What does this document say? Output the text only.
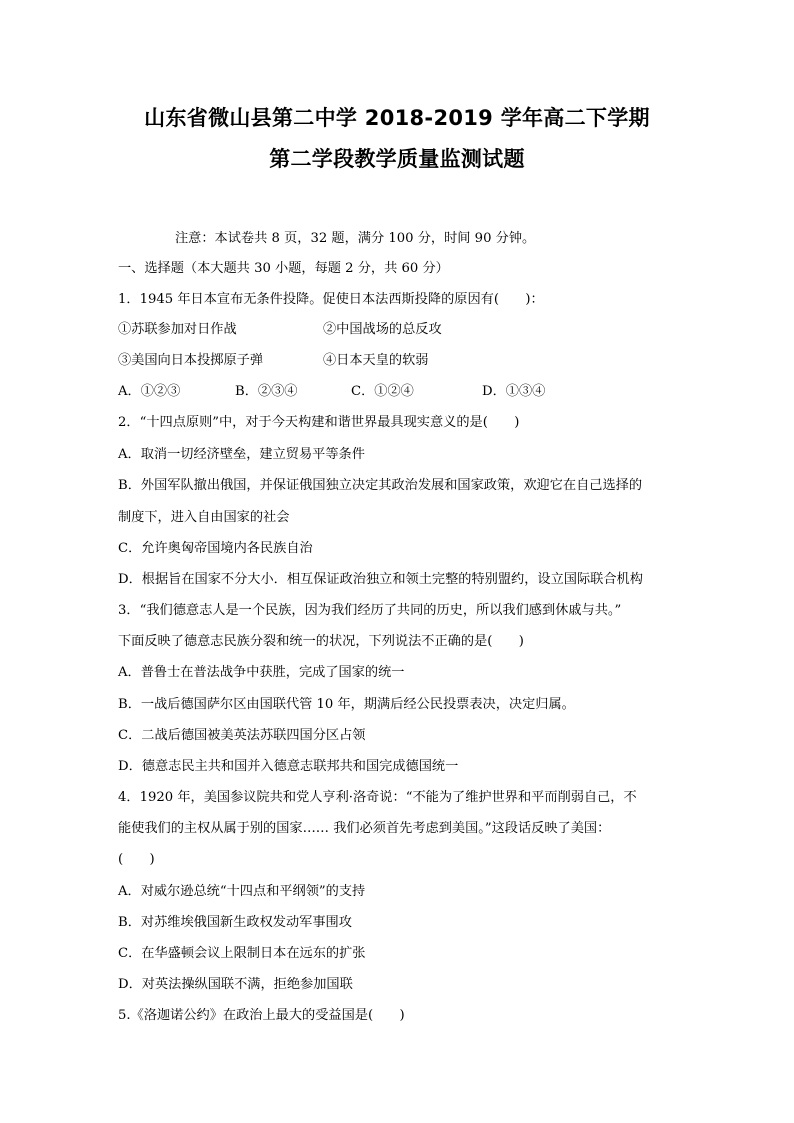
山东省微山县第二中学 2018-2019 学年高二下学期
第二学段教学质量监测试题
注意：本试卷共 8 页，32 题，满分 100 分，时间 90 分钟。
一、选择题（本大题共 30 小题，每题 2 分，共 60 分）
1．1945 年日本宣布无条件投降。促使日本法西斯投降的原因有(　　)：
①苏联参加对日作战	②中国战场的总反攻
③美国向日本投掷原子弹	④日本天皇的软弱
A．①②③	B．②③④	C．①②④	D．①③④
2．“十四点原则”中，对于今天构建和谐世界最具现实意义的是(　　)
A．取消一切经济壁垒，建立贸易平等条件
B．外国军队撤出俄国，并保证俄国独立决定其政治发展和国家政策，欢迎它在自己选择的
制度下，进入自由国家的社会
C．允许奥匈帝国境内各民族自治
D．根据旨在国家不分大小．相互保证政治独立和领土完整的特别盟约，设立国际联合机构
3．“我们德意志人是一个民族，因为我们经历了共同的历史，所以我们感到休戚与共。”
下面反映了德意志民族分裂和统一的状况，下列说法不正确的是(　　)
A．普鲁士在普法战争中获胜，完成了国家的统一
B．一战后德国萨尔区由国联代管 10 年，期满后经公民投票表决，决定归属。
C．二战后德国被美英法苏联四国分区占领
D．德意志民主共和国并入德意志联邦共和国完成德国统一
4．1920 年，美国参议院共和党人亨利·洛奇说：“不能为了维护世界和平而削弱自己，不
能使我们的主权从属于别的国家…… 我们必须首先考虑到美国。”这段话反映了美国：
(　　)
A．对威尔逊总统“十四点和平纲领”的支持
B．对苏维埃俄国新生政权发动军事围攻
C．在华盛顿会议上限制日本在远东的扩张
D．对英法操纵国联不满，拒绝参加国联
5.《洛迦诺公约》在政治上最大的受益国是(　　)
